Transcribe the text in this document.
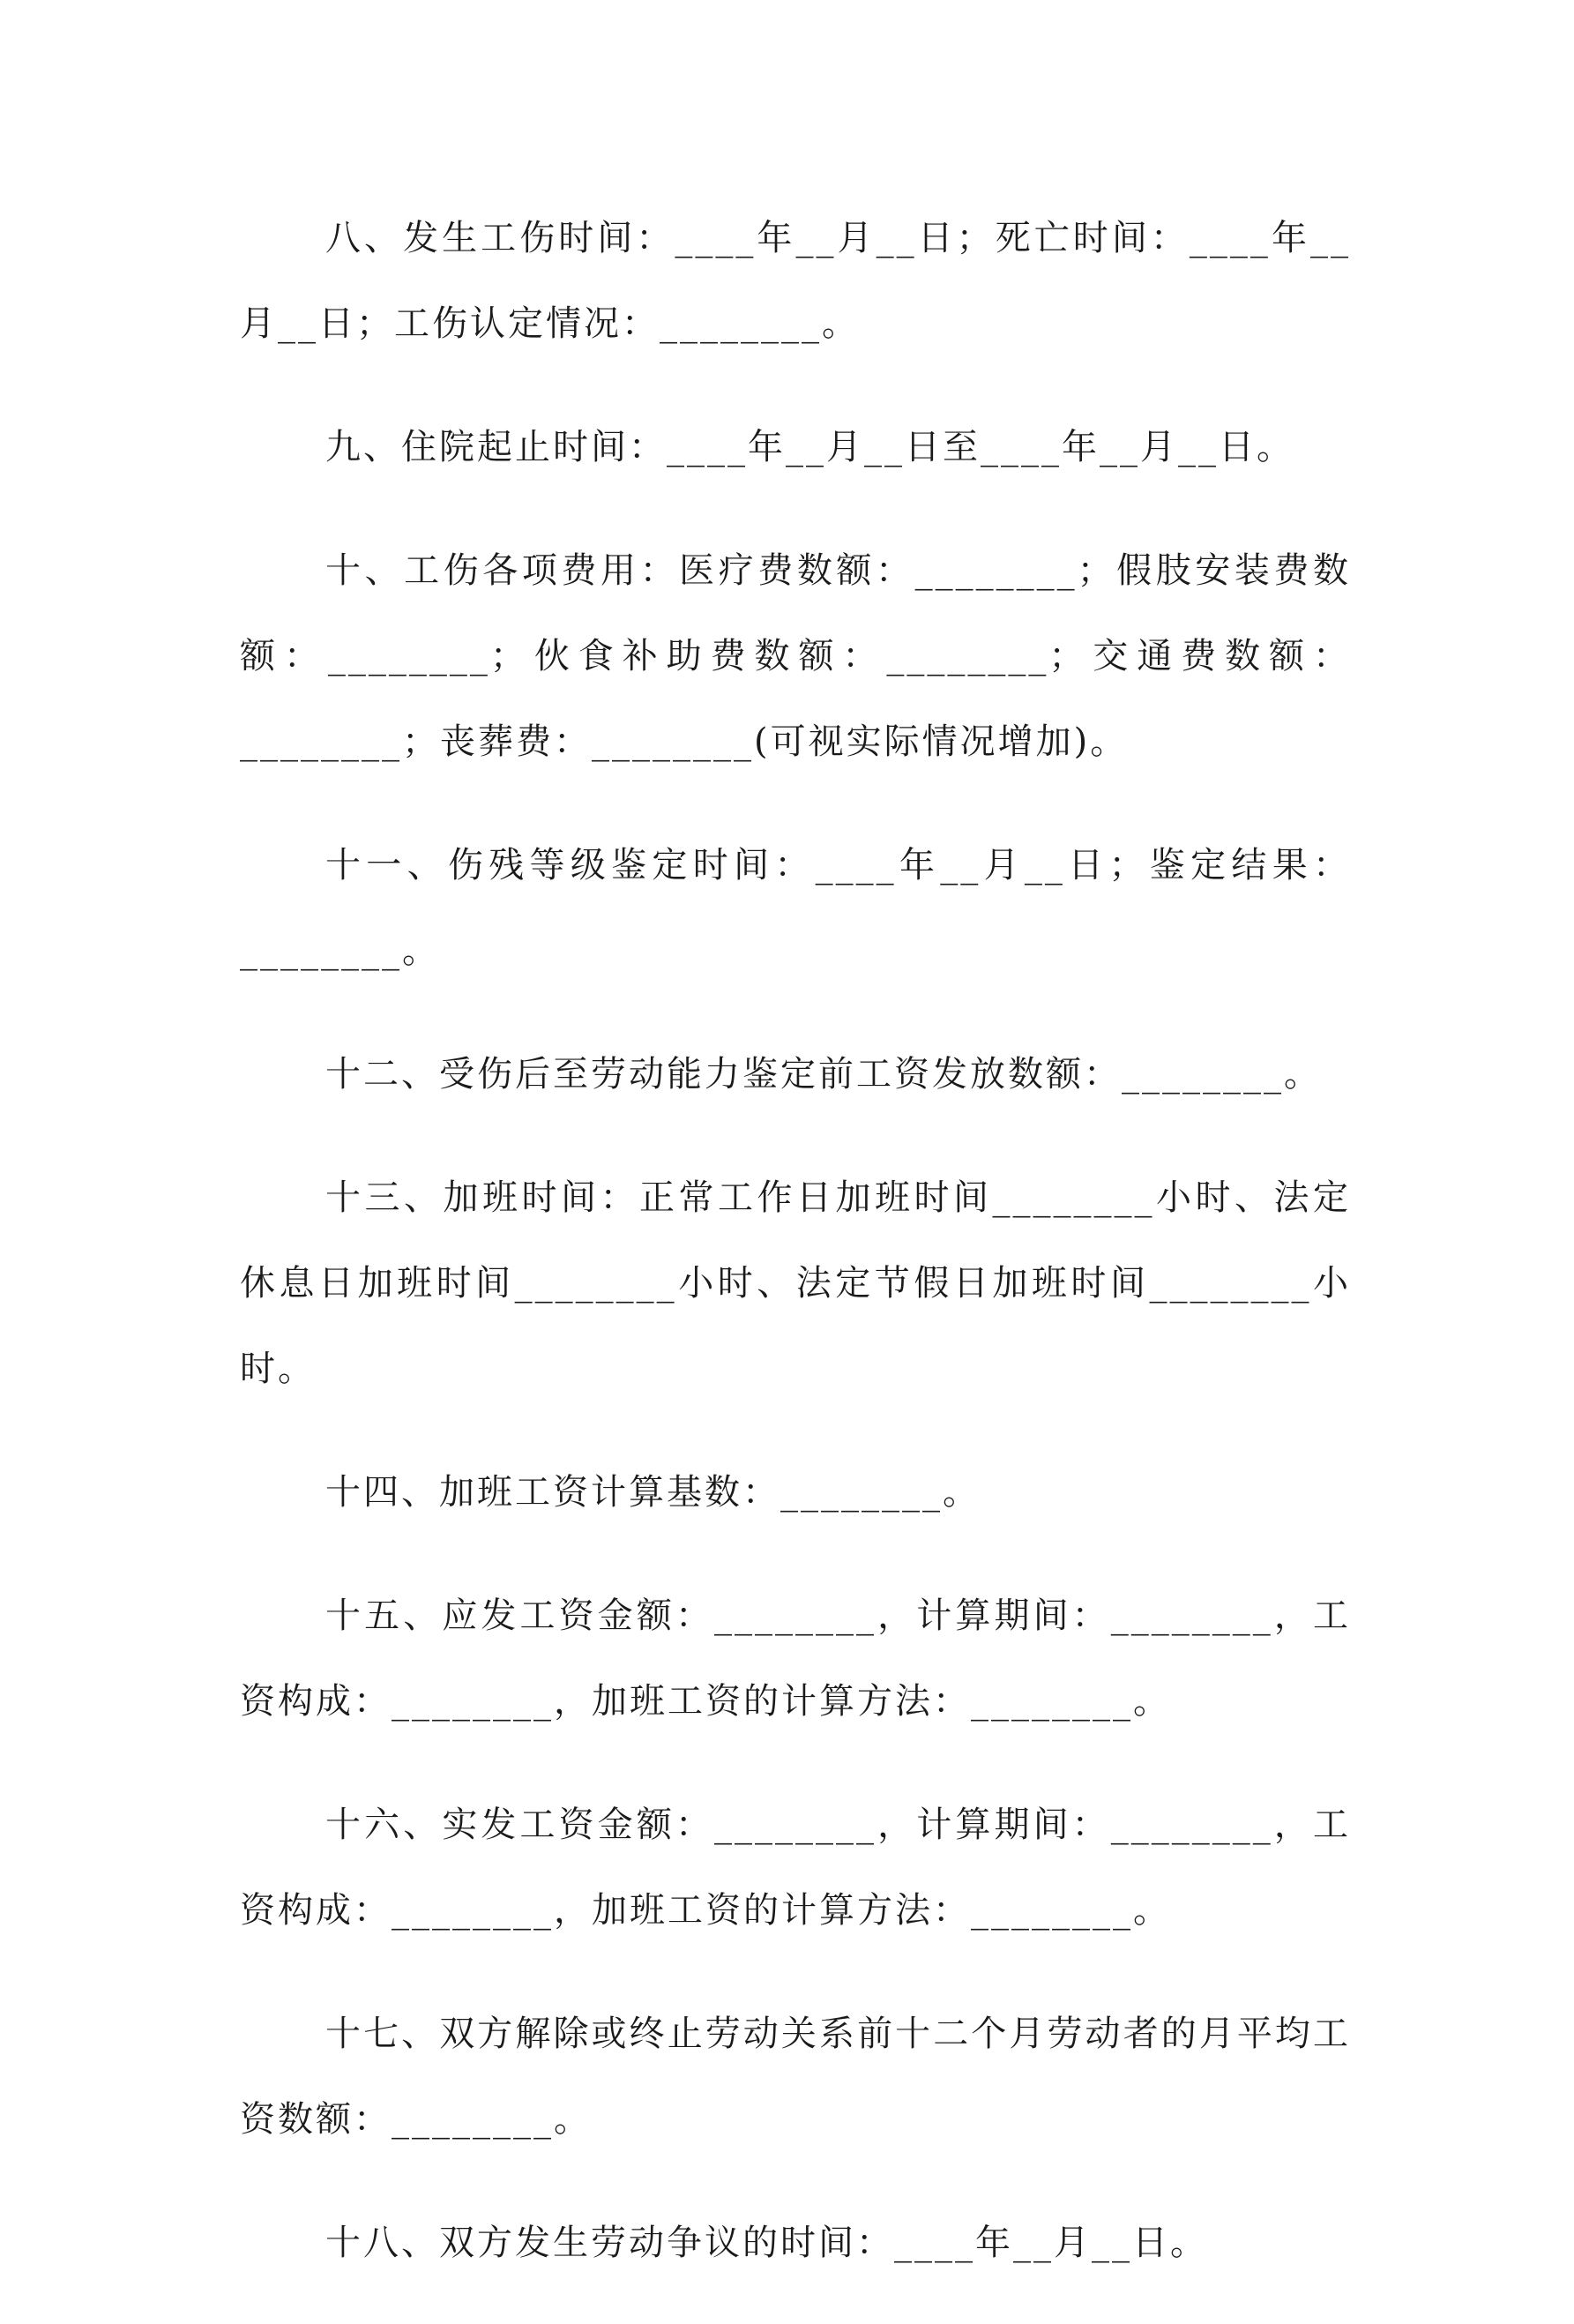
八、发生工伤时间：____年__月__日；死亡时间：____年__月__日；工伤认定情况：________。

九、住院起止时间：____年__月__日至____年__月__日。

十、工伤各项费用：医疗费数额：________；假肢安装费数额：________；伙食补助费数额：________；交通费数额：________；丧葬费：________(可视实际情况增加)。

十一、伤残等级鉴定时间：____年__月__日；鉴定结果：________。

十二、受伤后至劳动能力鉴定前工资发放数额：________。

十三、加班时间：正常工作日加班时间________小时、法定休息日加班时间________小时、法定节假日加班时间________小时。

十四、加班工资计算基数：________。

十五、应发工资金额：________，计算期间：________，工资构成：________，加班工资的计算方法：________。

十六、实发工资金额：________，计算期间：________，工资构成：________，加班工资的计算方法：________。

十七、双方解除或终止劳动关系前十二个月劳动者的月平均工资数额：________。

十八、双方发生劳动争议的时间：____年__月__日。
